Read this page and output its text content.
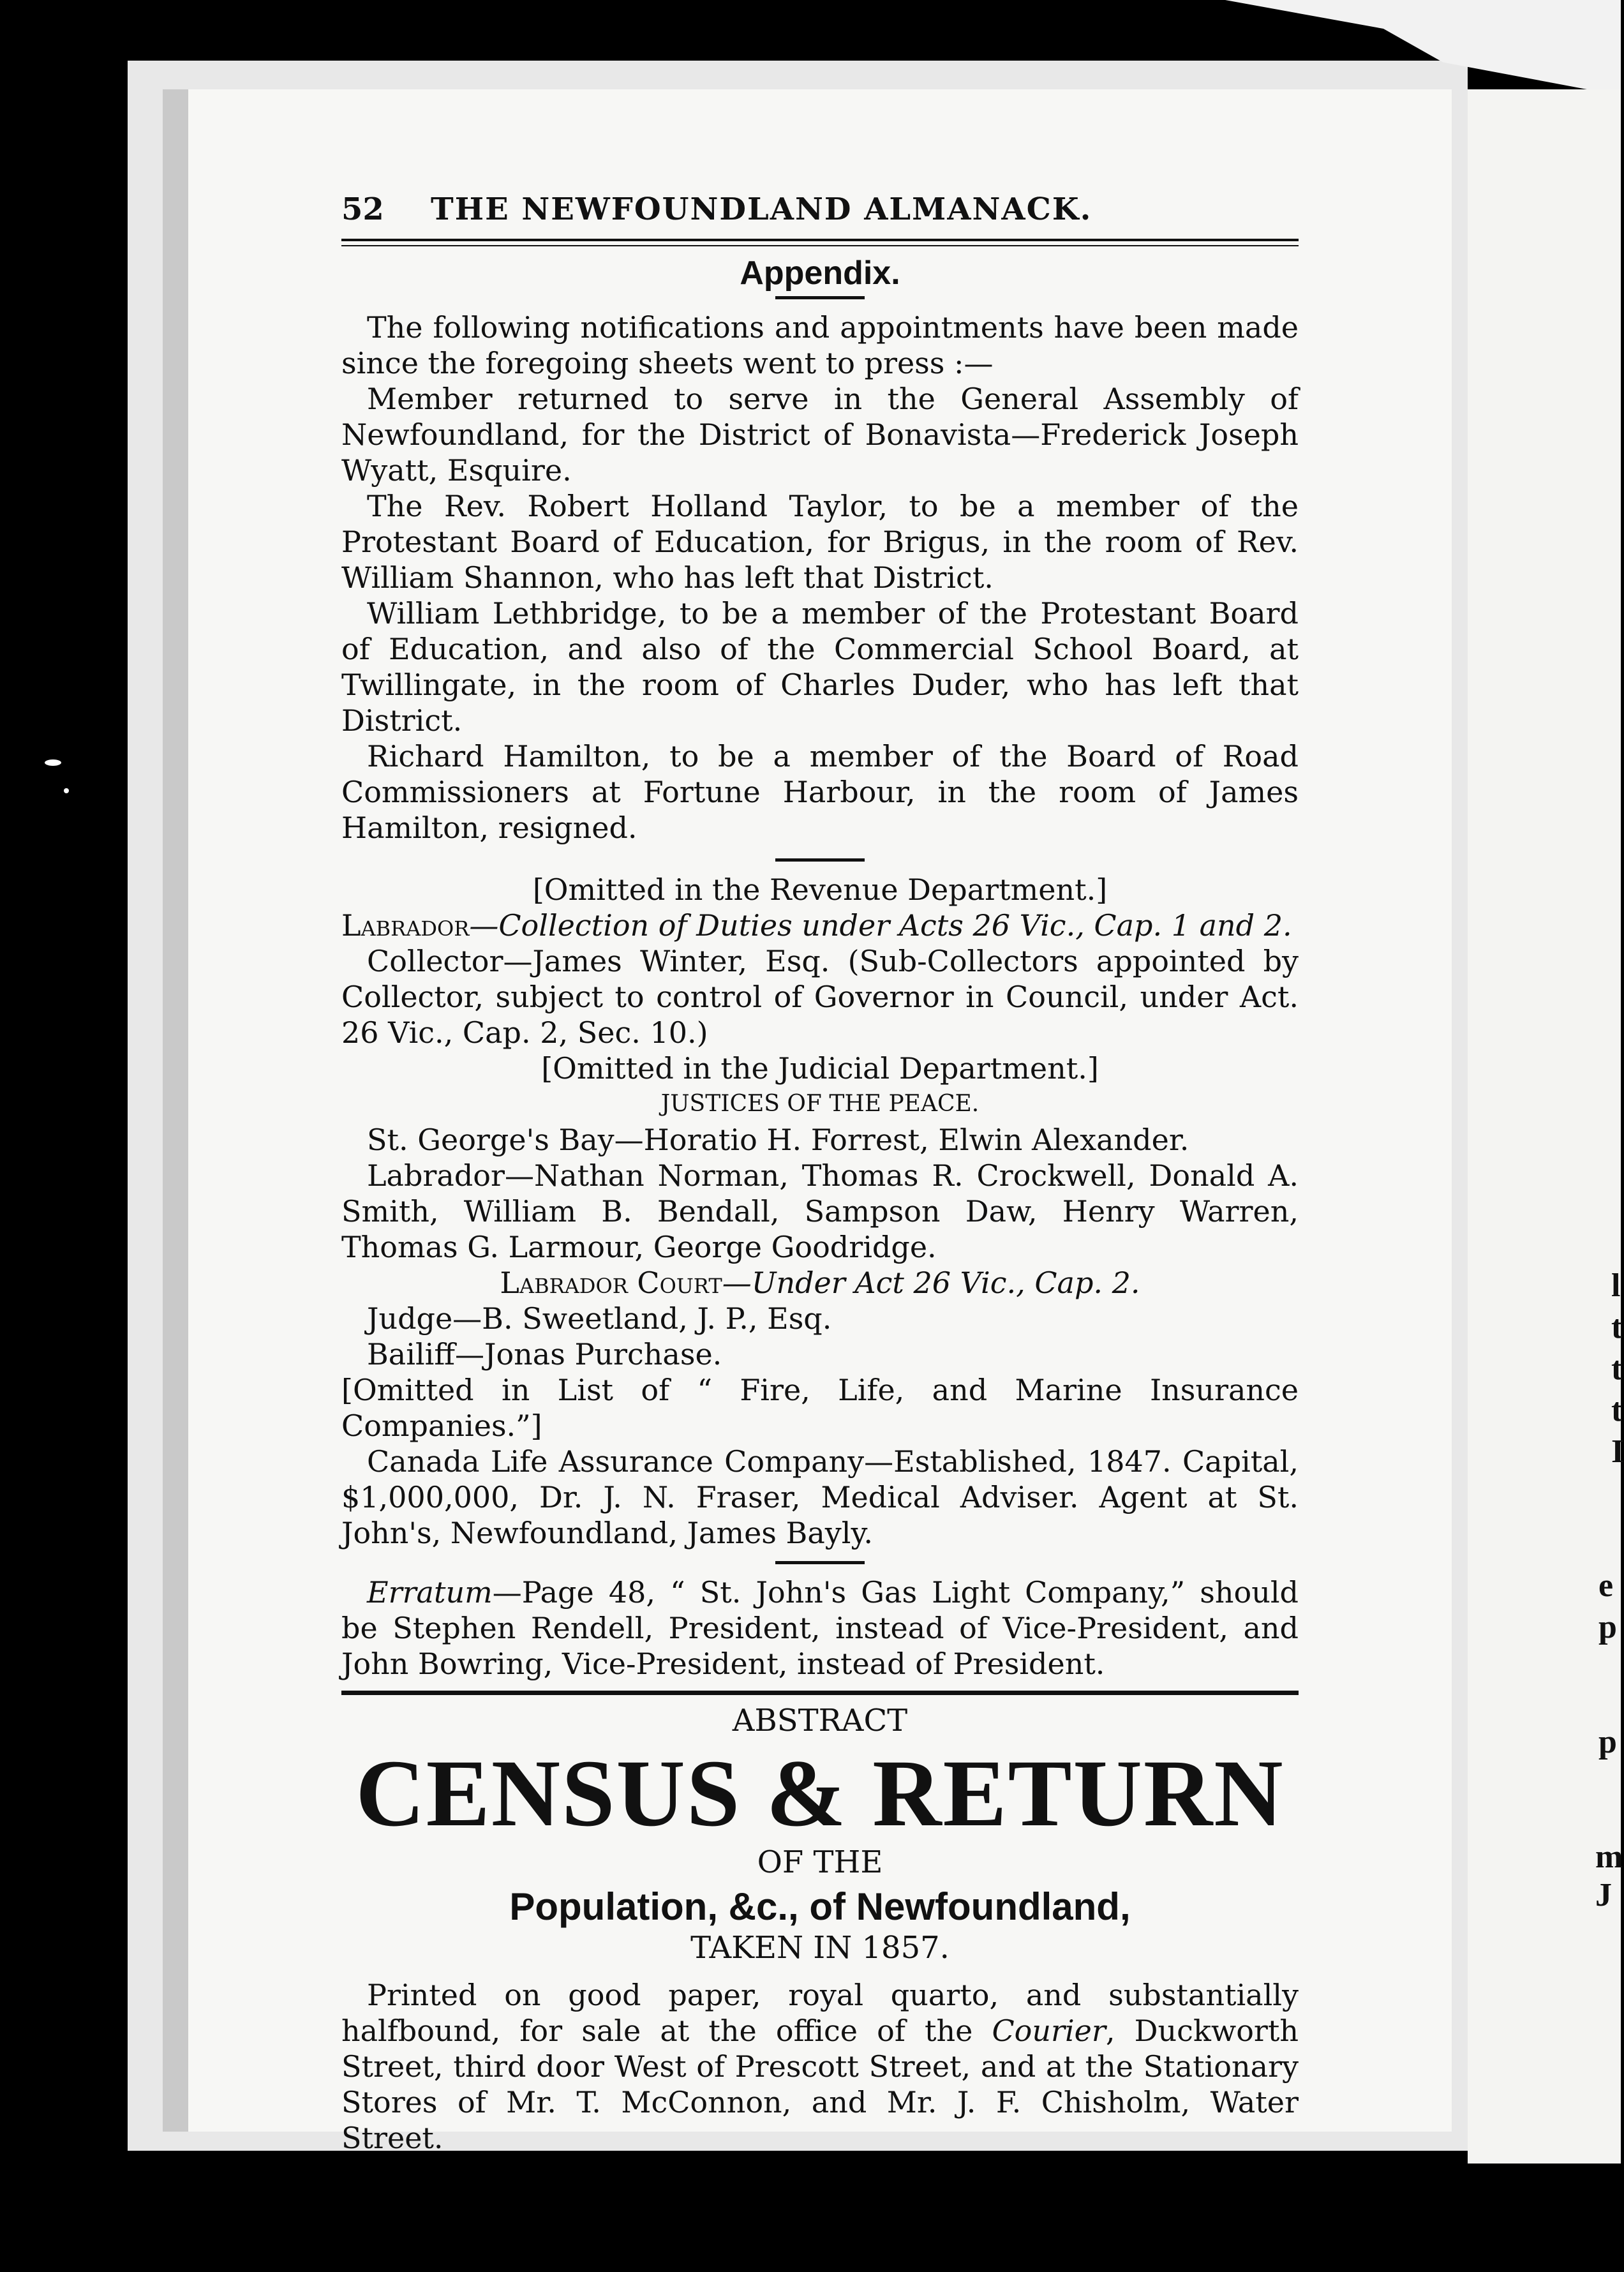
l
t
t
t
I
e
p
p
m
J
52	THE NEWFOUNDLAND ALMANACK.
Appendix.

The following notifications and appointments have been made since the foregoing sheets went to press :—

Member returned to serve in the General Assembly of Newfoundland, for the District of Bonavista—Frederick Joseph Wyatt, Esquire.

The Rev. Robert Holland Taylor, to be a member of the Protestant Board of Education, for Brigus, in the room of Rev. William Shannon, who has left that District.

William Lethbridge, to be a member of the Protestant Board of Education, and also of the Commercial School Board, at Twillingate, in the room of Charles Duder, who has left that District.

Richard Hamilton, to be a member of the Board of Road Commissioners at Fortune Harbour, in the room of James Hamilton, resigned.

[Omitted in the Revenue Department.]

Labrador—Collection of Duties under Acts 26 Vic., Cap. 1 and 2.

Collector—James Winter, Esq. (Sub-Collectors appointed by Collector, subject to control of Governor in Council, under Act. 26 Vic., Cap. 2, Sec. 10.)

[Omitted in the Judicial Department.]

JUSTICES OF THE PEACE.

St. George's Bay—Horatio H. Forrest, Elwin Alexander.

Labrador—Nathan Norman, Thomas R. Crockwell, Donald A. Smith, William B. Bendall, Sampson Daw, Henry Warren, Thomas G. Larmour, George Goodridge.

Labrador Court—Under Act 26 Vic., Cap. 2.

Judge—B. Sweetland, J. P., Esq.

Bailiff—Jonas Purchase.

[Omitted in List of “ Fire, Life, and Marine Insurance Companies.”]

Canada Life Assurance Company—Established, 1847. Capital, $1,000,000, Dr. J. N. Fraser, Medical Adviser. Agent at St. John's, Newfoundland, James Bayly.

Erratum—Page 48, “ St. John's Gas Light Company,” should be Stephen Rendell, President, instead of Vice-President, and John Bowring, Vice-President, instead of President.

ABSTRACT
CENSUS & RETURN
OF THE
Population, &c., of Newfoundland,
TAKEN IN 1857.

Printed on good paper, royal quarto, and substantially halfbound, for sale at the office of the Courier, Duckworth Street, third door West of Prescott Street, and at the Stationary Stores of Mr. T. McConnon, and Mr. J. F. Chisholm, Water Street.
